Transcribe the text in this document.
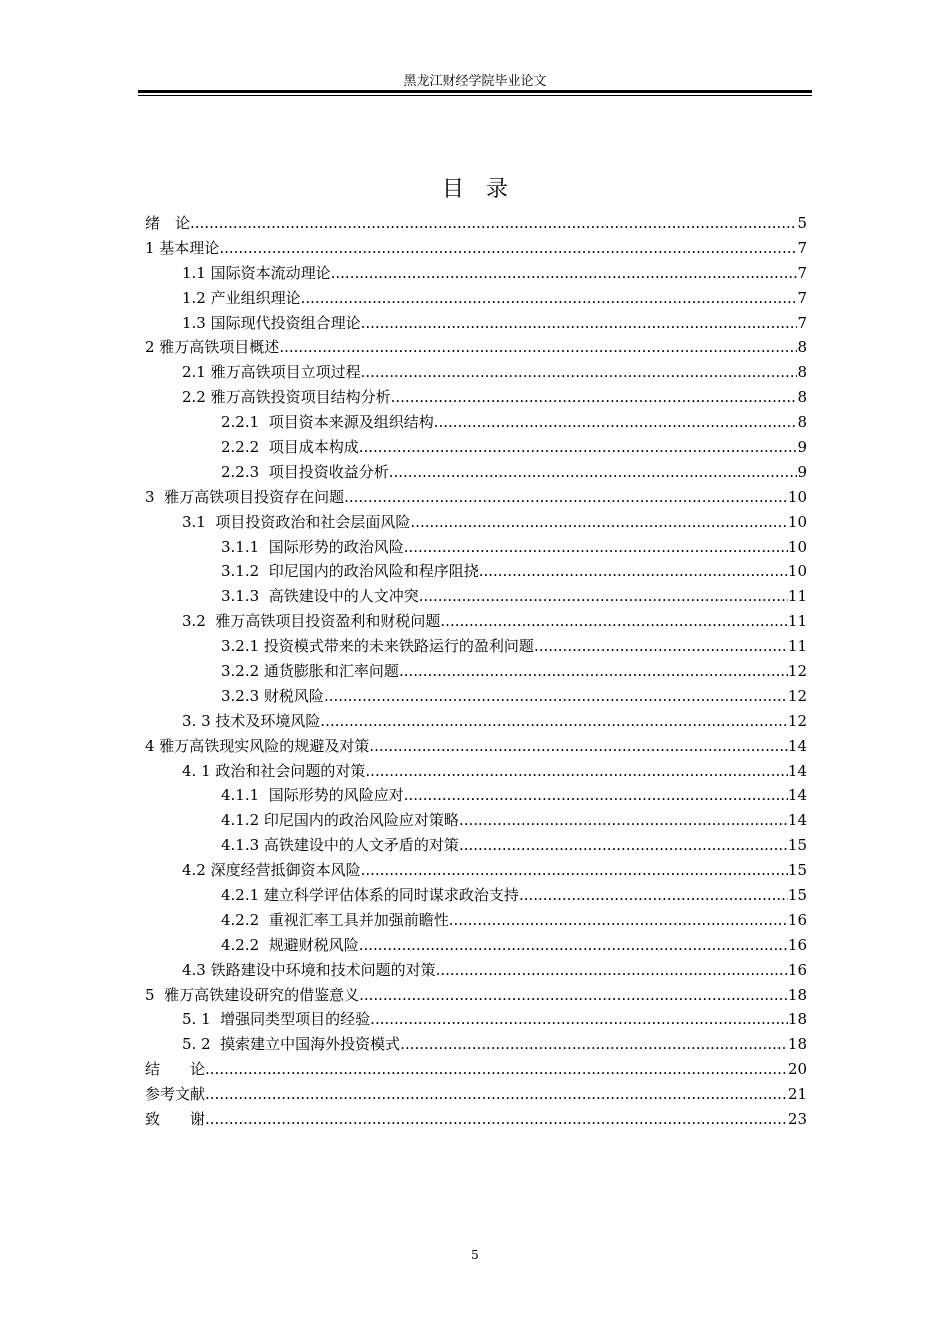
黑龙江财经学院毕业论文
目录
绪　论 .....	5
1 基本理论 .....	7
1.1 国际资本流动理论 .....	7
1.2 产业组织理论 .....	7
1.3 国际现代投资组合理论 .....	7
2 雅万高铁项目概述 .....	8
2.1 雅万高铁项目立项过程 .....	8
2.2 雅万高铁投资项目结构分析 .....	8
2.2.1  项目资本来源及组织结构 .....	8
2.2.2  项目成本构成 .....	9
2.2.3  项目投资收益分析 .....	9
3  雅万高铁项目投资存在问题 .....	10
3.1  项目投资政治和社会层面风险 .....	10
3.1.1  国际形势的政治风险 .....	10
3.1.2  印尼国内的政治风险和程序阻挠 .....	10
3.1.3  高铁建设中的人文冲突 .....	11
3.2  雅万高铁项目投资盈利和财税问题 .....	11
3.2.1 投资模式带来的未来铁路运行的盈利问题 .....	11
3.2.2 通货膨胀和汇率问题 .....	12
3.2.3 财税风险 .....	12
3. 3 技术及环境风险 .....	12
4 雅万高铁现实风险的规避及对策 .....	14
4. 1 政治和社会问题的对策 .....	14
4.1.1  国际形势的风险应对 .....	14
4.1.2 印尼国内的政治风险应对策略 .....	14
4.1.3 高铁建设中的人文矛盾的对策 .....	15
4.2 深度经营抵御资本风险 .....	15
4.2.1 建立科学评估体系的同时谋求政治支持 .....	15
4.2.2  重视汇率工具并加强前瞻性 .....	16
4.2.2  规避财税风险 .....	16
4.3 铁路建设中环境和技术问题的对策 .....	16
5  雅万高铁建设研究的借鉴意义 .....	18
5. 1  增强同类型项目的经验 .....	18
5. 2  摸索建立中国海外投资模式 .....	18
结　　论 .....	20
参考文献 .....	21
致　　谢 .....	23
5
